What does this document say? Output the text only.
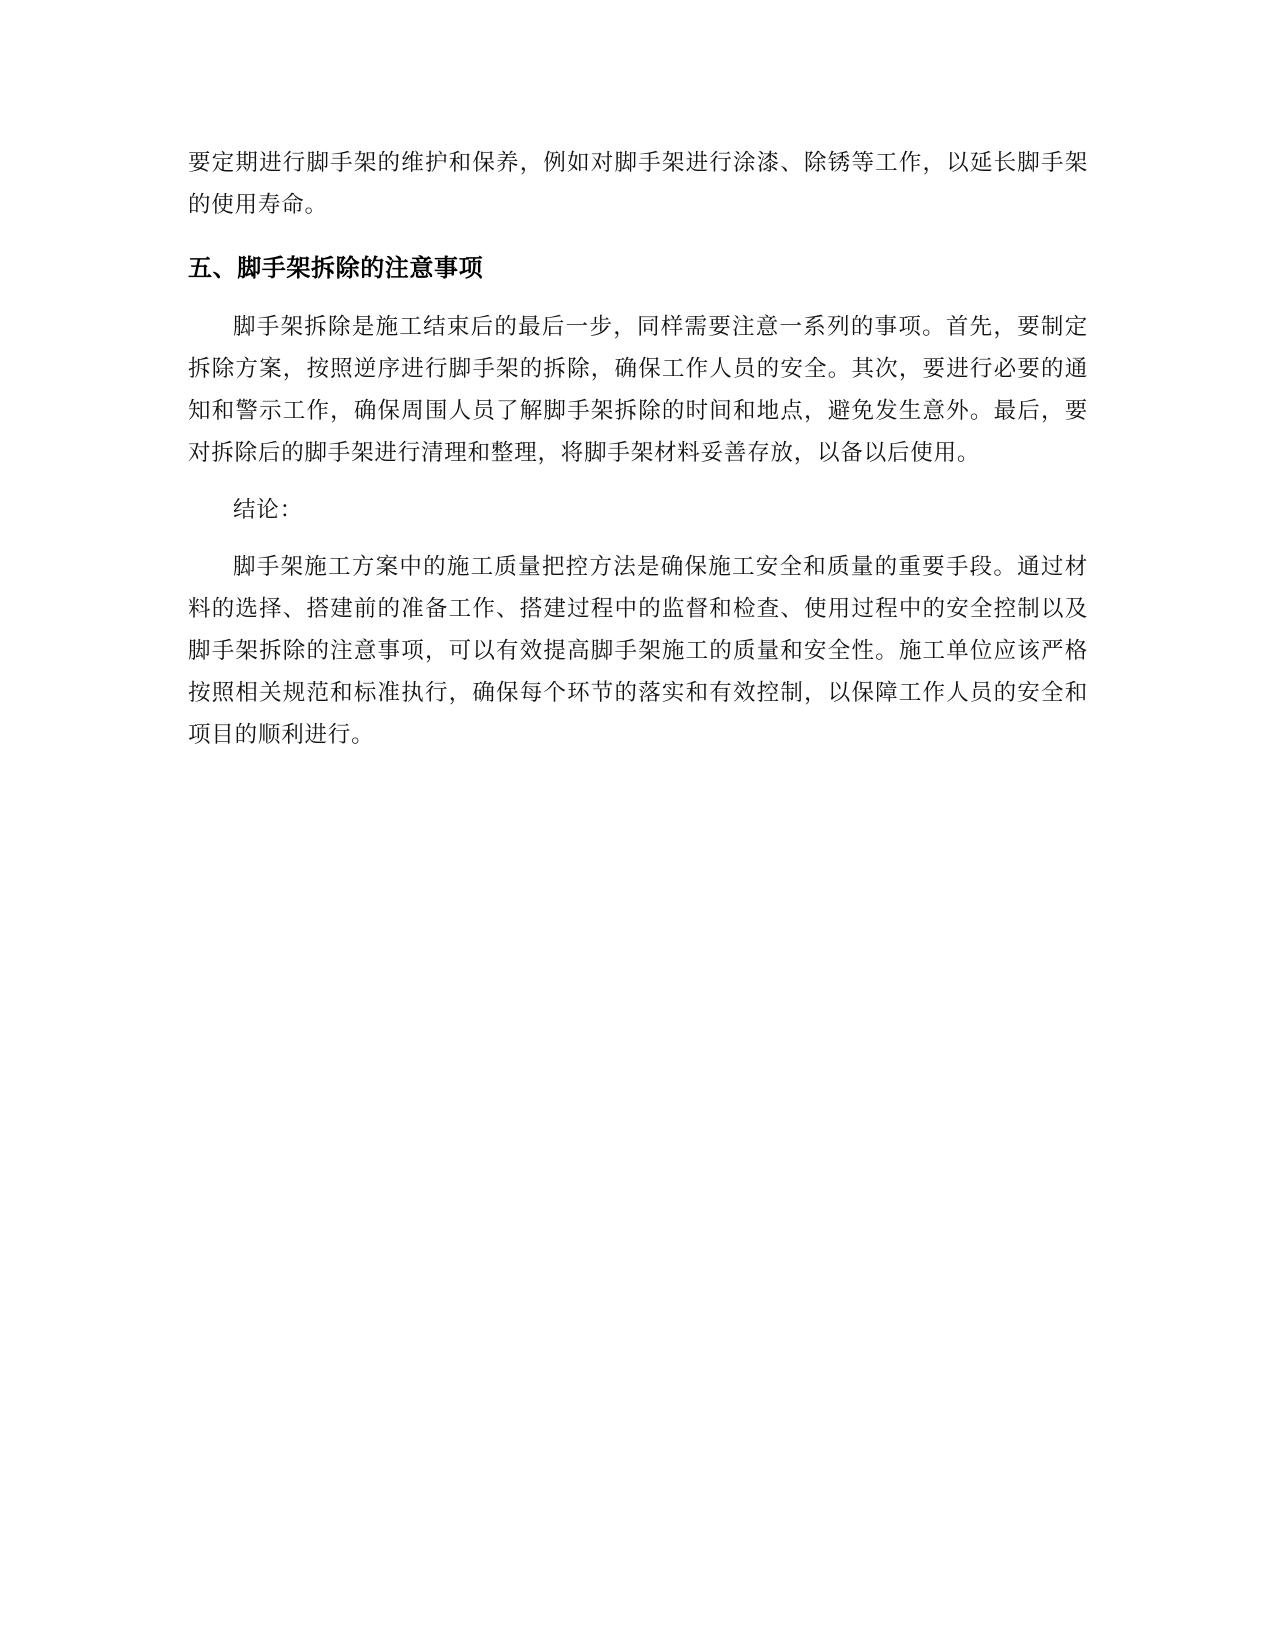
要定期进行脚手架的维护和保养，例如对脚手架进行涂漆、除锈等工作，以延长脚手架的使用寿命。

五、脚手架拆除的注意事项

脚手架拆除是施工结束后的最后一步，同样需要注意一系列的事项。首先，要制定拆除方案，按照逆序进行脚手架的拆除，确保工作人员的安全。其次，要进行必要的通知和警示工作，确保周围人员了解脚手架拆除的时间和地点，避免发生意外。最后，要对拆除后的脚手架进行清理和整理，将脚手架材料妥善存放，以备以后使用。

结论：

脚手架施工方案中的施工质量把控方法是确保施工安全和质量的重要手段。通过材料的选择、搭建前的准备工作、搭建过程中的监督和检查、使用过程中的安全控制以及脚手架拆除的注意事项，可以有效提高脚手架施工的质量和安全性。施工单位应该严格按照相关规范和标准执行，确保每个环节的落实和有效控制，以保障工作人员的安全和项目的顺利进行。
